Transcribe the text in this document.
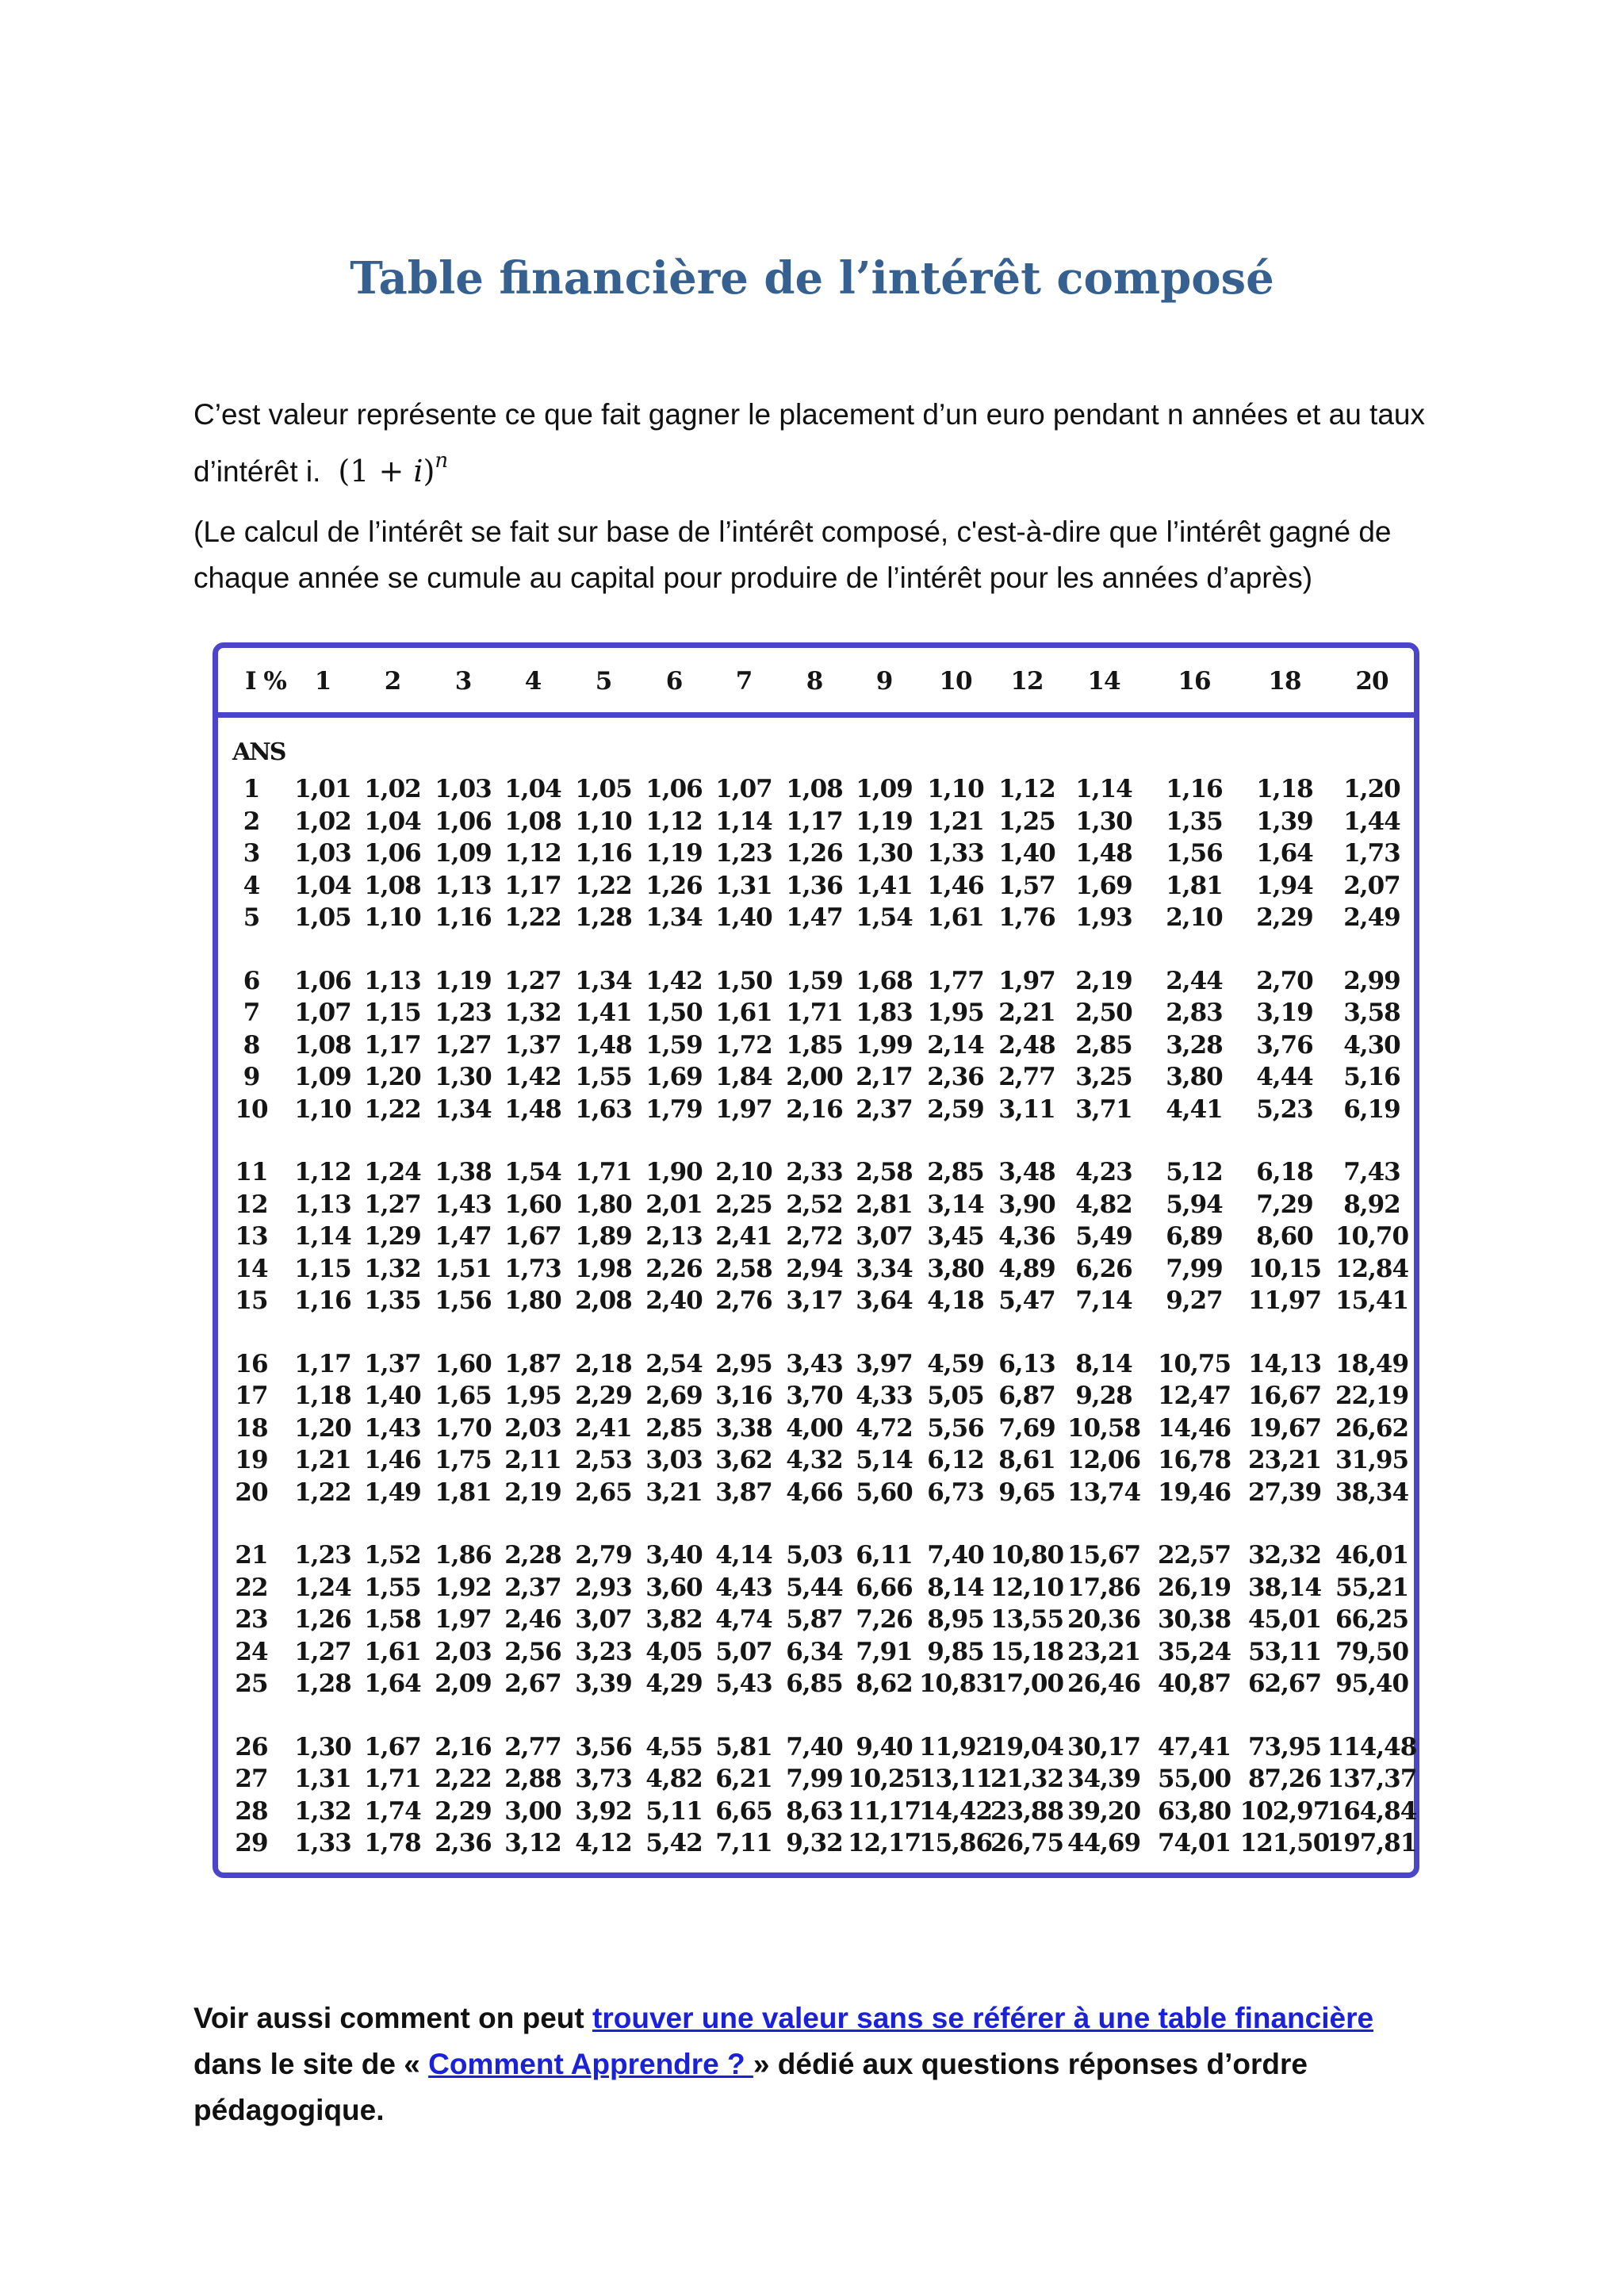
Table financière de l’intérêt composé

C’est valeur représente ce que fait gagner le placement d’un euro pendant n années et au taux d’intérêt i. $(1 + i)^n$

(Le calcul de l’intérêt se fait sur base de l’intérêt composé, c'est-à-dire que l’intérêt gagné de chaque année se cumule au capital pour produire de l’intérêt pour les années d’après)

I % 1 2 3 4 5 6 7 8 9 10 12 14 16 18 20
ANS
1 1,01 1,02 1,03 1,04 1,05 1,06 1,07 1,08 1,09 1,10 1,12 1,14 1,16 1,18 1,20
2 1,02 1,04 1,06 1,08 1,10 1,12 1,14 1,17 1,19 1,21 1,25 1,30 1,35 1,39 1,44
3 1,03 1,06 1,09 1,12 1,16 1,19 1,23 1,26 1,30 1,33 1,40 1,48 1,56 1,64 1,73
4 1,04 1,08 1,13 1,17 1,22 1,26 1,31 1,36 1,41 1,46 1,57 1,69 1,81 1,94 2,07
5 1,05 1,10 1,16 1,22 1,28 1,34 1,40 1,47 1,54 1,61 1,76 1,93 2,10 2,29 2,49
6 1,06 1,13 1,19 1,27 1,34 1,42 1,50 1,59 1,68 1,77 1,97 2,19 2,44 2,70 2,99
7 1,07 1,15 1,23 1,32 1,41 1,50 1,61 1,71 1,83 1,95 2,21 2,50 2,83 3,19 3,58
8 1,08 1,17 1,27 1,37 1,48 1,59 1,72 1,85 1,99 2,14 2,48 2,85 3,28 3,76 4,30
9 1,09 1,20 1,30 1,42 1,55 1,69 1,84 2,00 2,17 2,36 2,77 3,25 3,80 4,44 5,16
10 1,10 1,22 1,34 1,48 1,63 1,79 1,97 2,16 2,37 2,59 3,11 3,71 4,41 5,23 6,19
11 1,12 1,24 1,38 1,54 1,71 1,90 2,10 2,33 2,58 2,85 3,48 4,23 5,12 6,18 7,43
12 1,13 1,27 1,43 1,60 1,80 2,01 2,25 2,52 2,81 3,14 3,90 4,82 5,94 7,29 8,92
13 1,14 1,29 1,47 1,67 1,89 2,13 2,41 2,72 3,07 3,45 4,36 5,49 6,89 8,60 10,70
14 1,15 1,32 1,51 1,73 1,98 2,26 2,58 2,94 3,34 3,80 4,89 6,26 7,99 10,15 12,84
15 1,16 1,35 1,56 1,80 2,08 2,40 2,76 3,17 3,64 4,18 5,47 7,14 9,27 11,97 15,41
16 1,17 1,37 1,60 1,87 2,18 2,54 2,95 3,43 3,97 4,59 6,13 8,14 10,75 14,13 18,49
17 1,18 1,40 1,65 1,95 2,29 2,69 3,16 3,70 4,33 5,05 6,87 9,28 12,47 16,67 22,19
18 1,20 1,43 1,70 2,03 2,41 2,85 3,38 4,00 4,72 5,56 7,69 10,58 14,46 19,67 26,62
19 1,21 1,46 1,75 2,11 2,53 3,03 3,62 4,32 5,14 6,12 8,61 12,06 16,78 23,21 31,95
20 1,22 1,49 1,81 2,19 2,65 3,21 3,87 4,66 5,60 6,73 9,65 13,74 19,46 27,39 38,34
21 1,23 1,52 1,86 2,28 2,79 3,40 4,14 5,03 6,11 7,40 10,80 15,67 22,57 32,32 46,01
22 1,24 1,55 1,92 2,37 2,93 3,60 4,43 5,44 6,66 8,14 12,10 17,86 26,19 38,14 55,21
23 1,26 1,58 1,97 2,46 3,07 3,82 4,74 5,87 7,26 8,95 13,55 20,36 30,38 45,01 66,25
24 1,27 1,61 2,03 2,56 3,23 4,05 5,07 6,34 7,91 9,85 15,18 23,21 35,24 53,11 79,50
25 1,28 1,64 2,09 2,67 3,39 4,29 5,43 6,85 8,62 10,83
17,00 26,46 40,87 62,67 95,40
26 1,30 1,67 2,16 2,77 3,56 4,55 5,81 7,40 9,40 11,92
19,04 30,17 47,41 73,95 114,48
27 1,31 1,71 2,22 2,88 3,73 4,82 6,21 7,99 10,25
13,11
21,32 34,39 55,00 87,26 137,37
28 1,32 1,74 2,29 3,00 3,92 5,11 6,65 8,63 11,17
14,42
23,88 39,20 63,80 102,97
164,84
29 1,33 1,78 2,36 3,12 4,12 5,42 7,11 9,32 12,17
15,86
26,75 44,69 74,01 121,50
197,81

Voir aussi comment on peut trouver une valeur sans se référer à une table financière dans le site de « Comment Apprendre ? » dédié aux questions réponses d’ordre pédagogique.
